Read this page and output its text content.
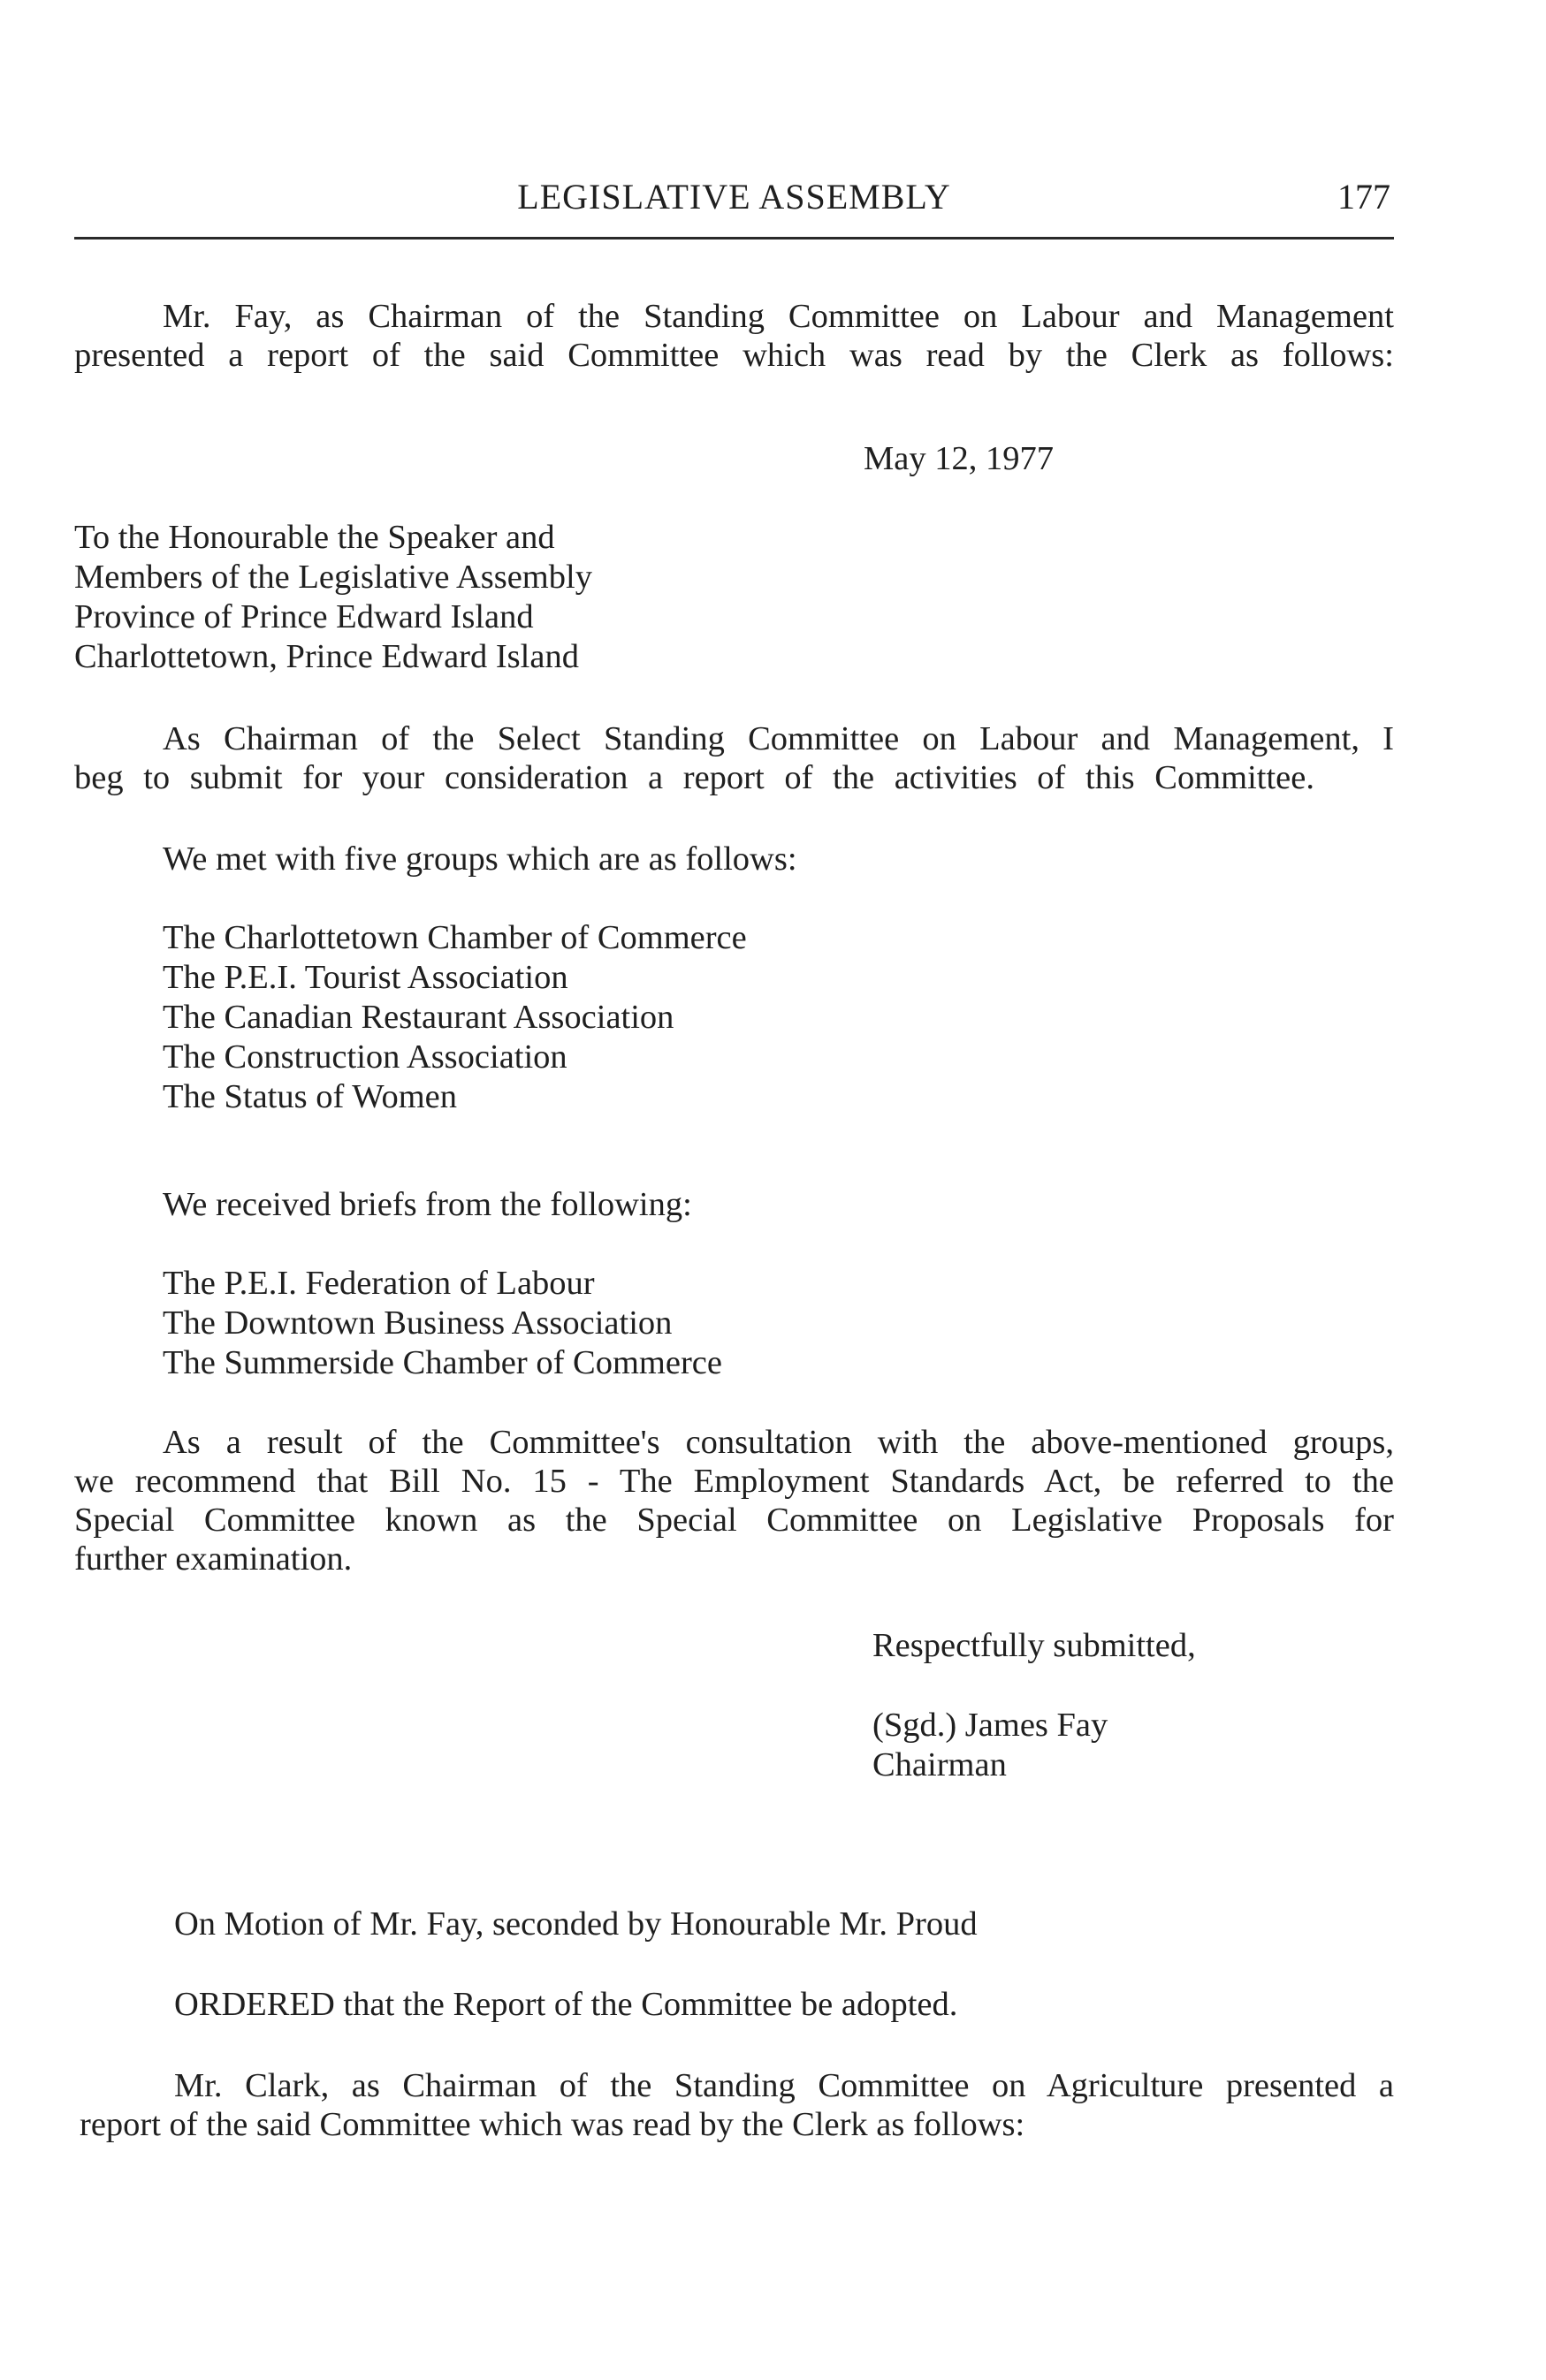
LEGISLATIVE ASSEMBLY	177
Mr. Fay, as Chairman of the Standing Committee on Labour and Management
presented a report of the said Committee which was read by the Clerk as follows:
May 12, 1977
To the Honourable the Speaker and
Members of the Legislative Assembly
Province of Prince Edward Island
Charlottetown, Prince Edward Island
As Chairman of the Select Standing Committee on Labour and Management, I
beg to submit for your consideration a report of the activities of this Committee.
We met with five groups which are as follows:
The Charlottetown Chamber of Commerce
The P.E.I. Tourist Association
The Canadian Restaurant Association
The Construction Association
The Status of Women
We received briefs from the following:
The P.E.I. Federation of Labour
The Downtown Business Association
The Summerside Chamber of Commerce
As a result of the Committee's consultation with the above-mentioned groups,
we recommend that Bill No. 15 - The Employment Standards Act, be referred to the
Special Committee known as the Special Committee on Legislative Proposals for
further examination.
Respectfully submitted,
(Sgd.) James Fay
Chairman
On Motion of Mr. Fay, seconded by Honourable Mr. Proud
ORDERED that the Report of the Committee be adopted.
Mr. Clark, as Chairman of the Standing Committee on Agriculture presented a
report of the said Committee which was read by the Clerk as follows:
